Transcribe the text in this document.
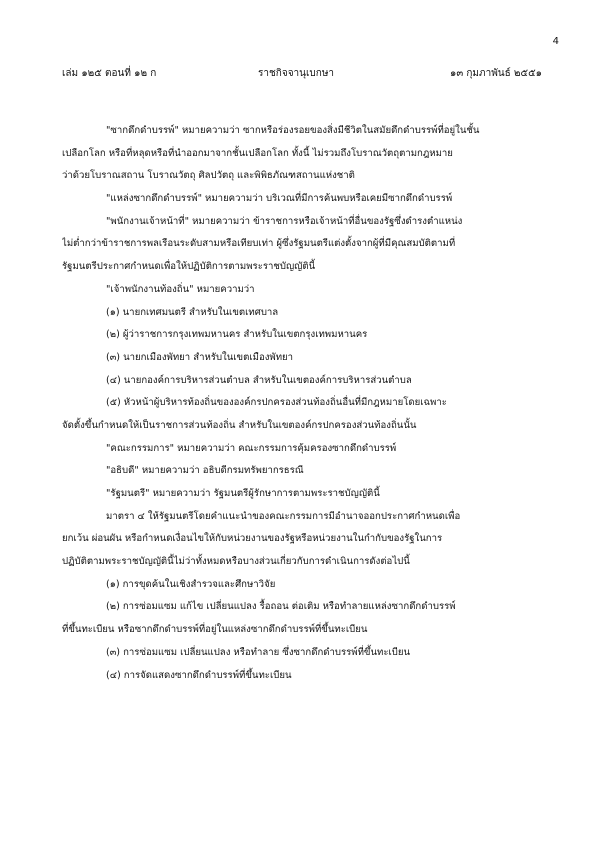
4
เล่ม ๑๒๕ ตอนที่ ๑๒ ก	ราชกิจจานุเบกษา	๑๓ กุมภาพันธ์ ๒๕๕๑
"ซากดึกดำบรรพ์" หมายความว่า ซากหรือร่องรอยของสิ่งมีชีวิตในสมัยดึกดำบรรพ์ที่อยู่ในชั้น
เปลือกโลก หรือที่หลุดหรือที่นำออกมาจากชั้นเปลือกโลก ทั้งนี้ ไม่รวมถึงโบราณวัตถุตามกฎหมาย
ว่าด้วยโบราณสถาน โบราณวัตถุ ศิลปวัตถุ และพิพิธภัณฑสถานแห่งชาติ
"แหล่งซากดึกดำบรรพ์" หมายความว่า บริเวณที่มีการค้นพบหรือเคยมีซากดึกดำบรรพ์
"พนักงานเจ้าหน้าที่" หมายความว่า ข้าราชการหรือเจ้าหน้าที่อื่นของรัฐซึ่งดำรงตำแหน่ง
ไม่ต่ำกว่าข้าราชการพลเรือนระดับสามหรือเทียบเท่า ผู้ซึ่งรัฐมนตรีแต่งตั้งจากผู้ที่มีคุณสมบัติตามที่
รัฐมนตรีประกาศกำหนดเพื่อให้ปฏิบัติการตามพระราชบัญญัตินี้
"เจ้าพนักงานท้องถิ่น" หมายความว่า
(๑) นายกเทศมนตรี สำหรับในเขตเทศบาล
(๒) ผู้ว่าราชการกรุงเทพมหานคร สำหรับในเขตกรุงเทพมหานคร
(๓) นายกเมืองพัทยา สำหรับในเขตเมืองพัทยา
(๔) นายกองค์การบริหารส่วนตำบล สำหรับในเขตองค์การบริหารส่วนตำบล
(๕) หัวหน้าผู้บริหารท้องถิ่นขององค์กรปกครองส่วนท้องถิ่นอื่นที่มีกฎหมายโดยเฉพาะ
จัดตั้งขึ้นกำหนดให้เป็นราชการส่วนท้องถิ่น สำหรับในเขตองค์กรปกครองส่วนท้องถิ่นนั้น
"คณะกรรมการ" หมายความว่า คณะกรรมการคุ้มครองซากดึกดำบรรพ์
"อธิบดี" หมายความว่า อธิบดีกรมทรัพยากรธรณี
"รัฐมนตรี" หมายความว่า รัฐมนตรีผู้รักษาการตามพระราชบัญญัตินี้
มาตรา ๔ ให้รัฐมนตรีโดยคำแนะนำของคณะกรรมการมีอำนาจออกประกาศกำหนดเพื่อ
ยกเว้น ผ่อนผัน หรือกำหนดเงื่อนไขให้กับหน่วยงานของรัฐหรือหน่วยงานในกำกับของรัฐในการ
ปฏิบัติตามพระราชบัญญัตินี้ไม่ว่าทั้งหมดหรือบางส่วนเกี่ยวกับการดำเนินการดังต่อไปนี้
(๑) การขุดค้นในเชิงสำรวจและศึกษาวิจัย
(๒) การซ่อมแซม แก้ไข เปลี่ยนแปลง รื้อถอน ต่อเติม หรือทำลายแหล่งซากดึกดำบรรพ์
ที่ขึ้นทะเบียน หรือซากดึกดำบรรพ์ที่อยู่ในแหล่งซากดึกดำบรรพ์ที่ขึ้นทะเบียน
(๓) การซ่อมแซม เปลี่ยนแปลง หรือทำลาย ซึ่งซากดึกดำบรรพ์ที่ขึ้นทะเบียน
(๔) การจัดแสดงซากดึกดำบรรพ์ที่ขึ้นทะเบียน
